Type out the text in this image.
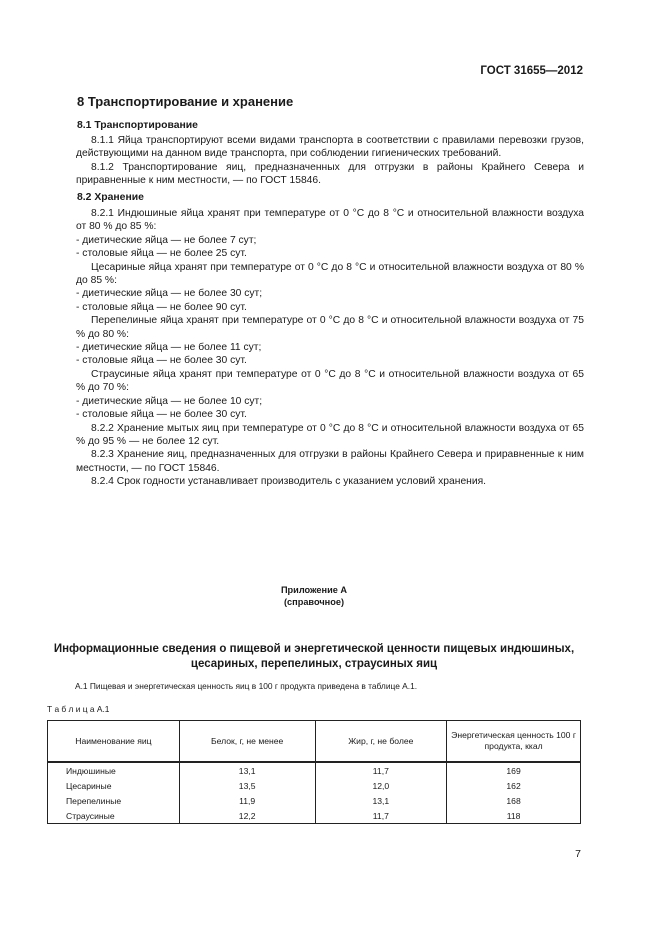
ГОСТ 31655—2012
8 Транспортирование и хранение
8.1 Транспортирование

8.1.1 Яйца транспортируют всеми видами транспорта в соответствии с правилами перевозки грузов, действующими на данном виде транспорта, при соблюдении гигиенических требований.

8.1.2 Транспортирование яиц, предназначенных для отгрузки в районы Крайнего Севера и приравненные к ним местности, — по ГОСТ 15846.

8.2 Хранение

8.2.1 Индюшиные яйца хранят при температуре от 0 °С до 8 °С и относительной влажности воздуха от 80 % до 85 %:

- диетические яйца — не более 7 сут;

- столовые яйца — не более 25 сут.

Цесариные яйца хранят при температуре от 0 °С до 8 °С и относительной влажности воздуха от 80 % до 85 %:

- диетические яйца — не более 30 сут;

- столовые яйца — не более 90 сут.

Перепелиные яйца хранят при температуре от 0 °С до 8 °С и относительной влажности воздуха от 75 % до 80 %:

- диетические яйца — не более 11 сут;

- столовые яйца — не более 30 сут.

Страусиные яйца хранят при температуре от 0 °С до 8 °С и относительной влажности воздуха от 65 % до 70 %:

- диетические яйца — не более 10 сут;

- столовые яйца — не более 30 сут.

8.2.2 Хранение мытых яиц при температуре от 0 °С до 8 °С и относительной влажности воздуха от 65 % до 95 % — не более 12 сут.

8.2.3 Хранение яиц, предназначенных для отгрузки в районы Крайнего Севера и приравненные к ним местности, — по ГОСТ 15846.

8.2.4 Срок годности устанавливает производитель с указанием условий хранения.

Приложение А
(справочное)
Информационные сведения о пищевой и энергетической ценности пищевых индюшиных,
цесариных, перепелиных, страусиных яиц
А.1 Пищевая и энергетическая ценность яиц в 100 г продукта приведена в таблице А.1.
Т а б л и ц а А.1
Наименование яиц	Белок, г, не менее	Жир, г, не более	Энергетическая ценность 100 г продукта, ккал
Индюшиные	13,1	11,7	169
Цесариные	13,5	12,0	162
Перепелиные	11,9	13,1	168
Страусиные	12,2	11,7	118
7
